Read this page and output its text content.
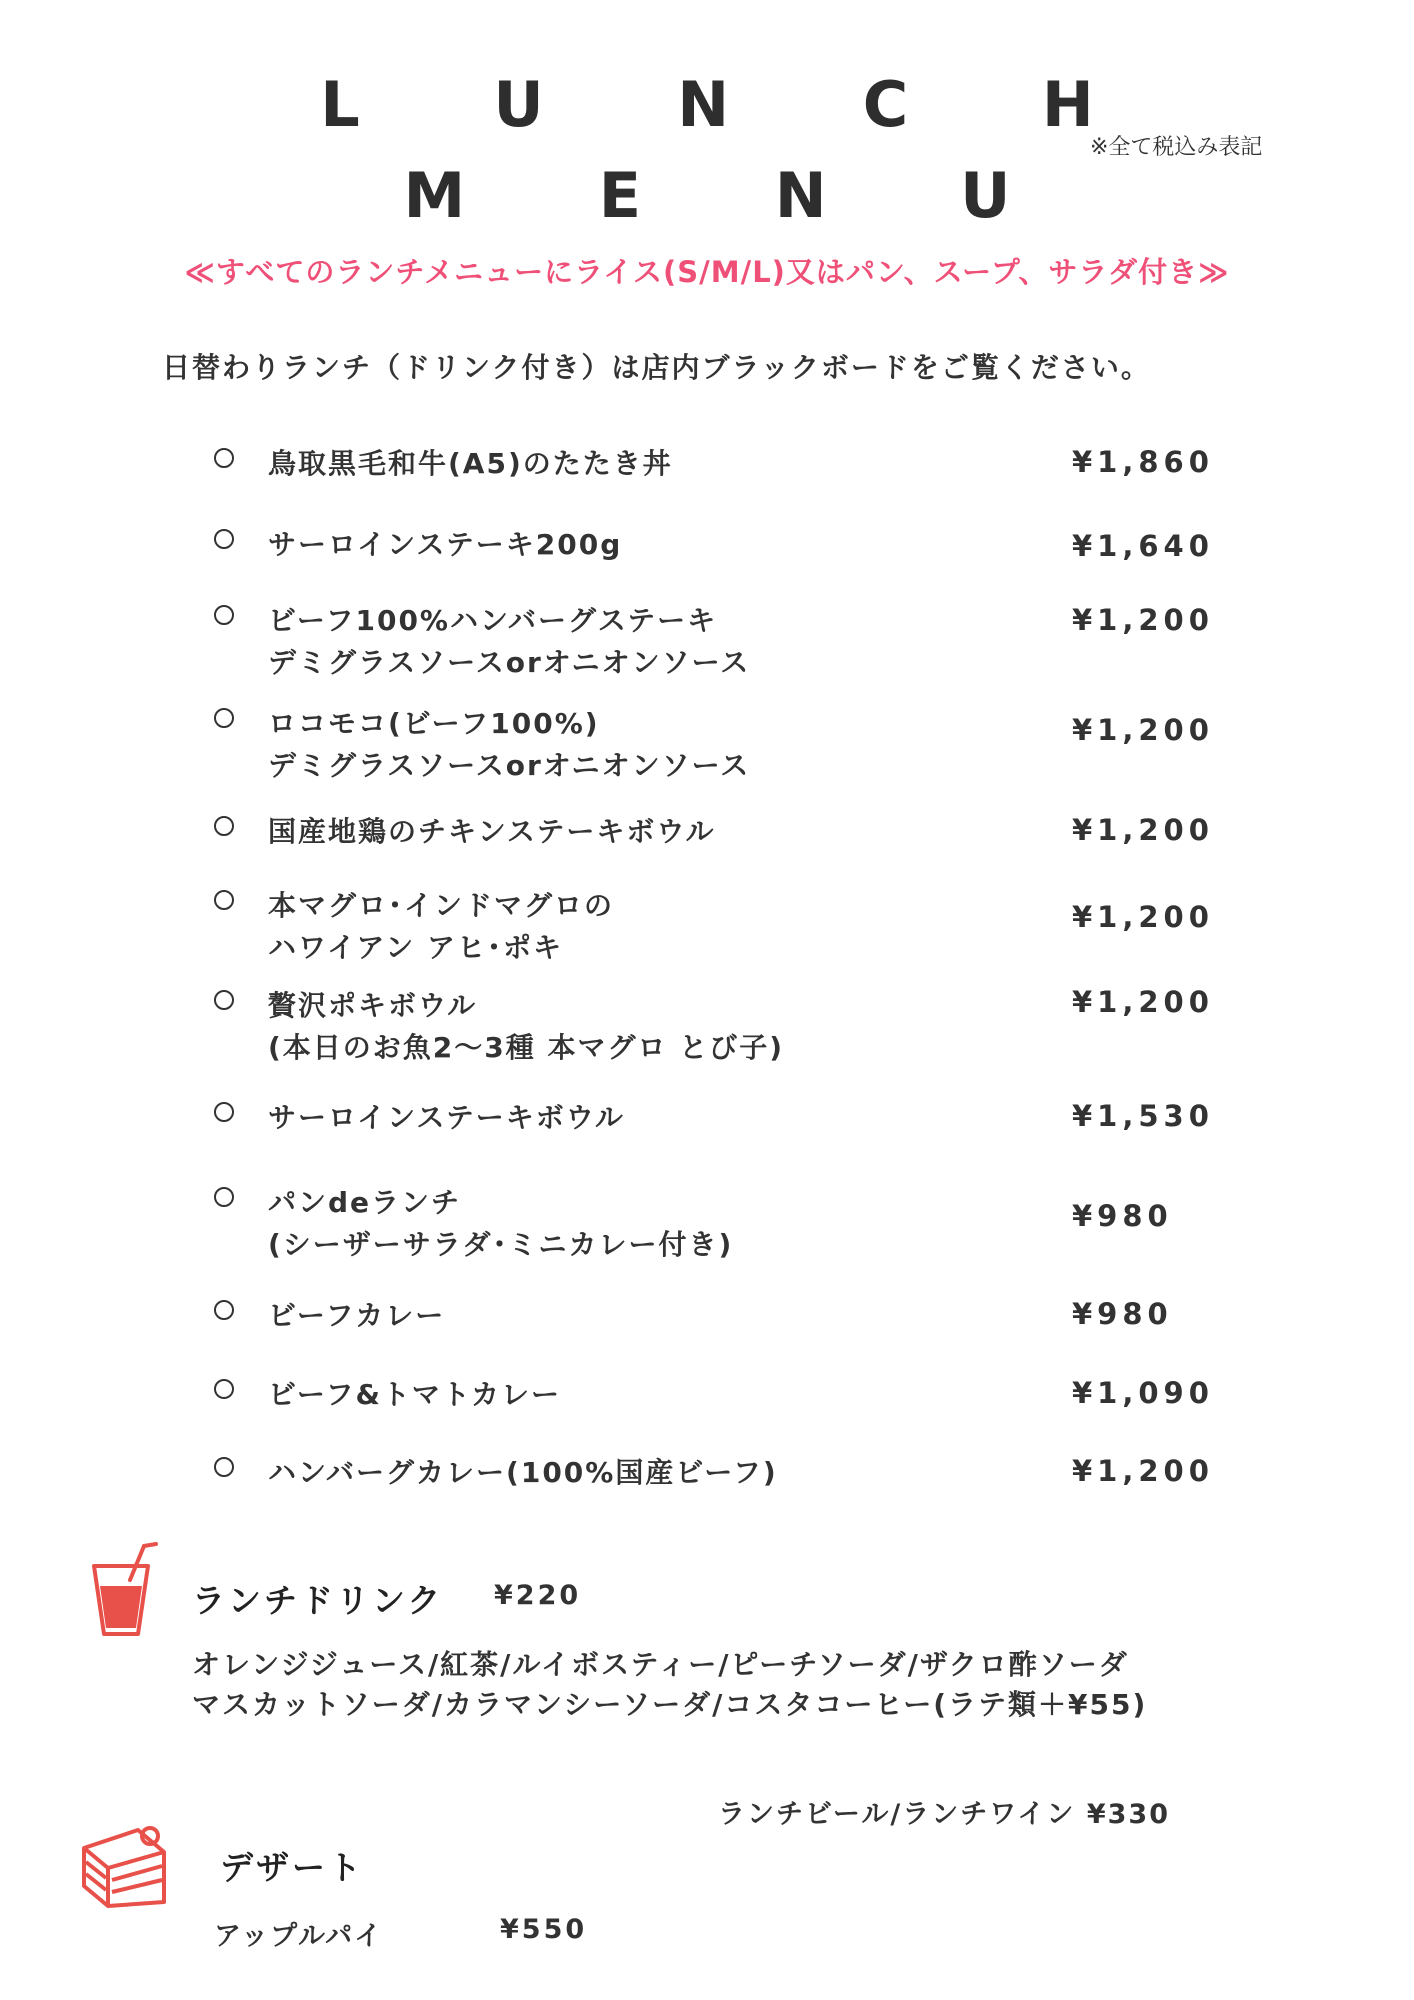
L U N C H
M E N U
※全て税込み表記
≪すべてのランチメニューにライス(S/M/L)又はパン、スープ、サラダ付き≫
日替わりランチ（ドリンク付き）は店内ブラックボードをご覧ください。
鳥取黒毛和牛(A5)のたたき丼	¥1,860
サーロインステーキ200g	¥1,640
ビーフ100%ハンバーグステーキ
デミグラスソースorオニオンソース
¥1,200
ロコモコ(ビーフ100%)
デミグラスソースorオニオンソース
¥1,200
国産地鶏のチキンステーキボウル	¥1,200
本マグロ･インドマグロの
ハワイアン アヒ･ポキ
¥1,200
贅沢ポキボウル
(本日のお魚2〜3種 本マグロ とび子)
¥1,200
サーロインステーキボウル	¥1,530
パンdeランチ
(シーザーサラダ･ミニカレー付き)
¥980
ビーフカレー	¥980
ビーフ&トマトカレー	¥1,090
ハンバーグカレー(100%国産ビーフ)	¥1,200
ランチドリンク ¥220
オレンジジュース/紅茶/ルイボスティー/ピーチソーダ/ザクロ酢ソーダ
マスカットソーダ/カラマンシーソーダ/コスタコーヒー(ラテ類＋¥55)
ランチビール/ランチワイン ¥330
デザート
アップルパイ	¥550
